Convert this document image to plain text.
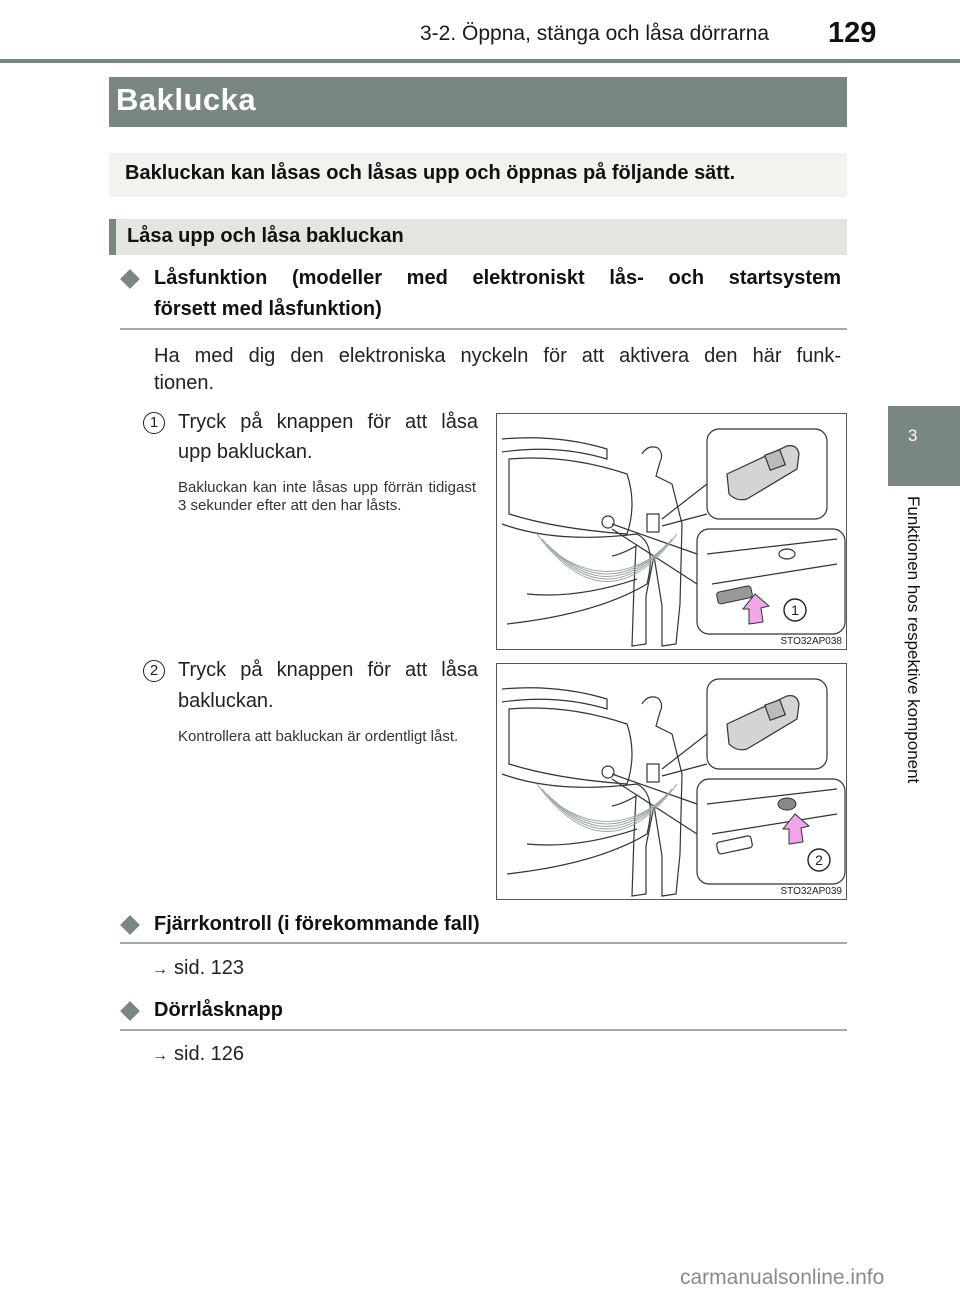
3-2. Öppna, stänga och låsa dörrarna 129
3
Funktionen hos respektive komponent
Baklucka
Bakluckan kan låsas och låsas upp och öppnas på följande sätt.
Låsa upp och låsa bakluckan
Låsfunktion (modeller med elektroniskt lås- och startsystem
försett med låsfunktion)
Ha med dig den elektroniska nyckeln för att aktivera den här funk-
tionen.
1 Tryck på knappen för att låsa
upp bakluckan.
Bakluckan kan inte låsas upp förrän tidigast 3 sekunder efter att den har låsts.
1
STO32AP038
2 Tryck på knappen för att låsa
bakluckan.
Kontrollera att bakluckan är ordentligt låst.
2
STO32AP039
Fjärrkontroll (i förekommande fall)
→ sid. 123
Dörrlåsknapp
→ sid. 126
carmanualsonline.info
